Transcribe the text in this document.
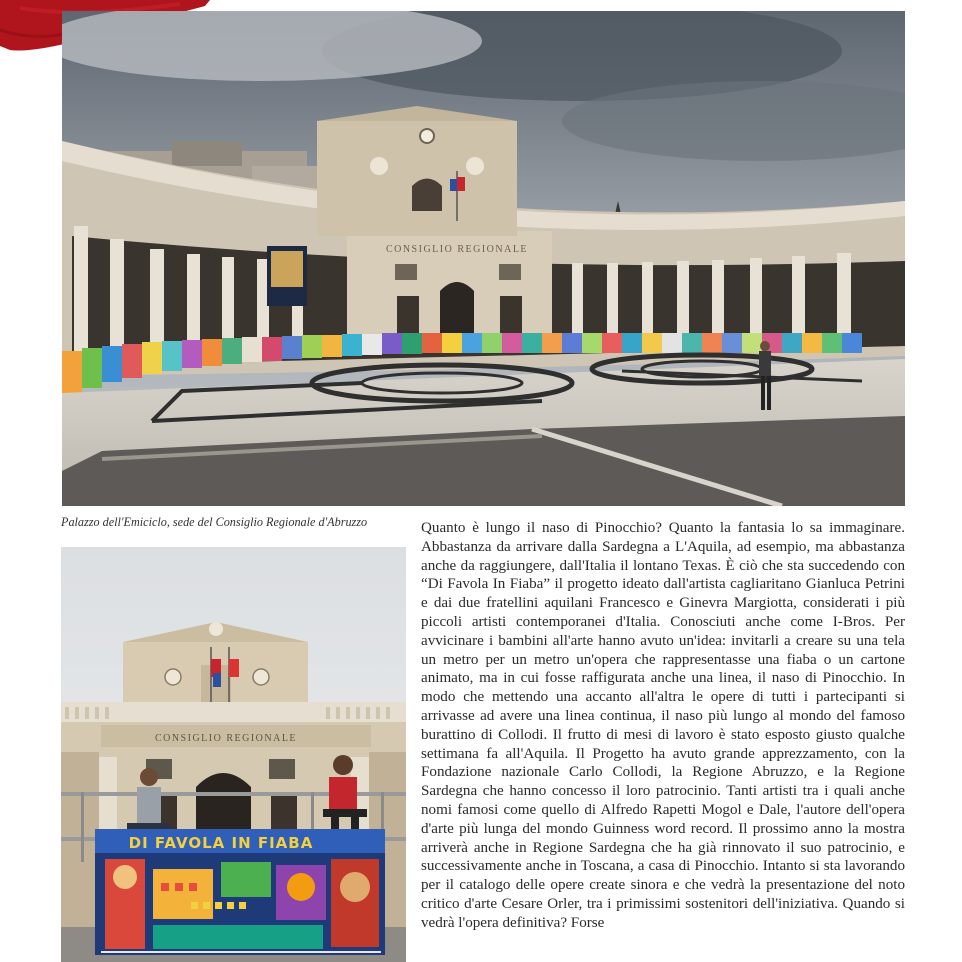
CONSIGLIO REGIONALE
Palazzo dell'Emiciclo, sede del Consiglio Regionale d'Abruzzo
CONSIGLIO REGIONALE
DI FAVOLA IN FIABA

Quanto è lungo il naso di Pinocchio? Quanto la fantasia lo sa immaginare. Abbastanza da arrivare dalla Sardegna a L'Aquila, ad esempio, ma abbastanza anche da raggiungere, dall'Italia il lontano Texas. È ciò che sta succedendo con “Di Favola In Fiaba” il progetto ideato dall'artista cagliaritano Gianluca Petrini e dai due fratellini aquilani Francesco e Ginevra Margiotta, considerati i più piccoli artisti contemporanei d'Italia. Conosciuti anche come I-Bros. Per avvicinare i bambini all'arte hanno avuto un'idea: invitarli a creare su una tela un metro per un metro un'opera che rappresentasse una fiaba o un cartone animato, ma in cui fosse raffigurata anche una linea, il naso di Pinocchio. In modo che mettendo una accanto all'altra le opere di tutti i partecipanti si arrivasse ad avere una linea continua, il naso più lungo al mondo del famoso burattino di Collodi. Il frutto di mesi di lavoro è stato esposto giusto qualche settimana fa all'Aquila. Il Progetto ha avuto grande apprezzamento, con la Fondazione nazionale Carlo Collodi, la Regione Abruzzo, e la Regione Sardegna che hanno concesso il loro patrocinio. Tanti artisti tra i quali anche nomi famosi come quello di Alfredo Rapetti Mogol e Dale, l'autore dell'opera d'arte più lunga del mondo Guinness word record. Il prossimo anno la mostra arriverà anche in Regione Sardegna che ha già rinnovato il suo patrocinio, e successivamente anche in Toscana, a casa di Pinocchio. Intanto si sta lavorando per il catalogo delle opere create sinora e che vedrà la presentazione del noto critico d'arte Cesare Orler, tra i primissimi sostenitori dell'iniziativa. Quando si vedrà l'opera definitiva? Forse
